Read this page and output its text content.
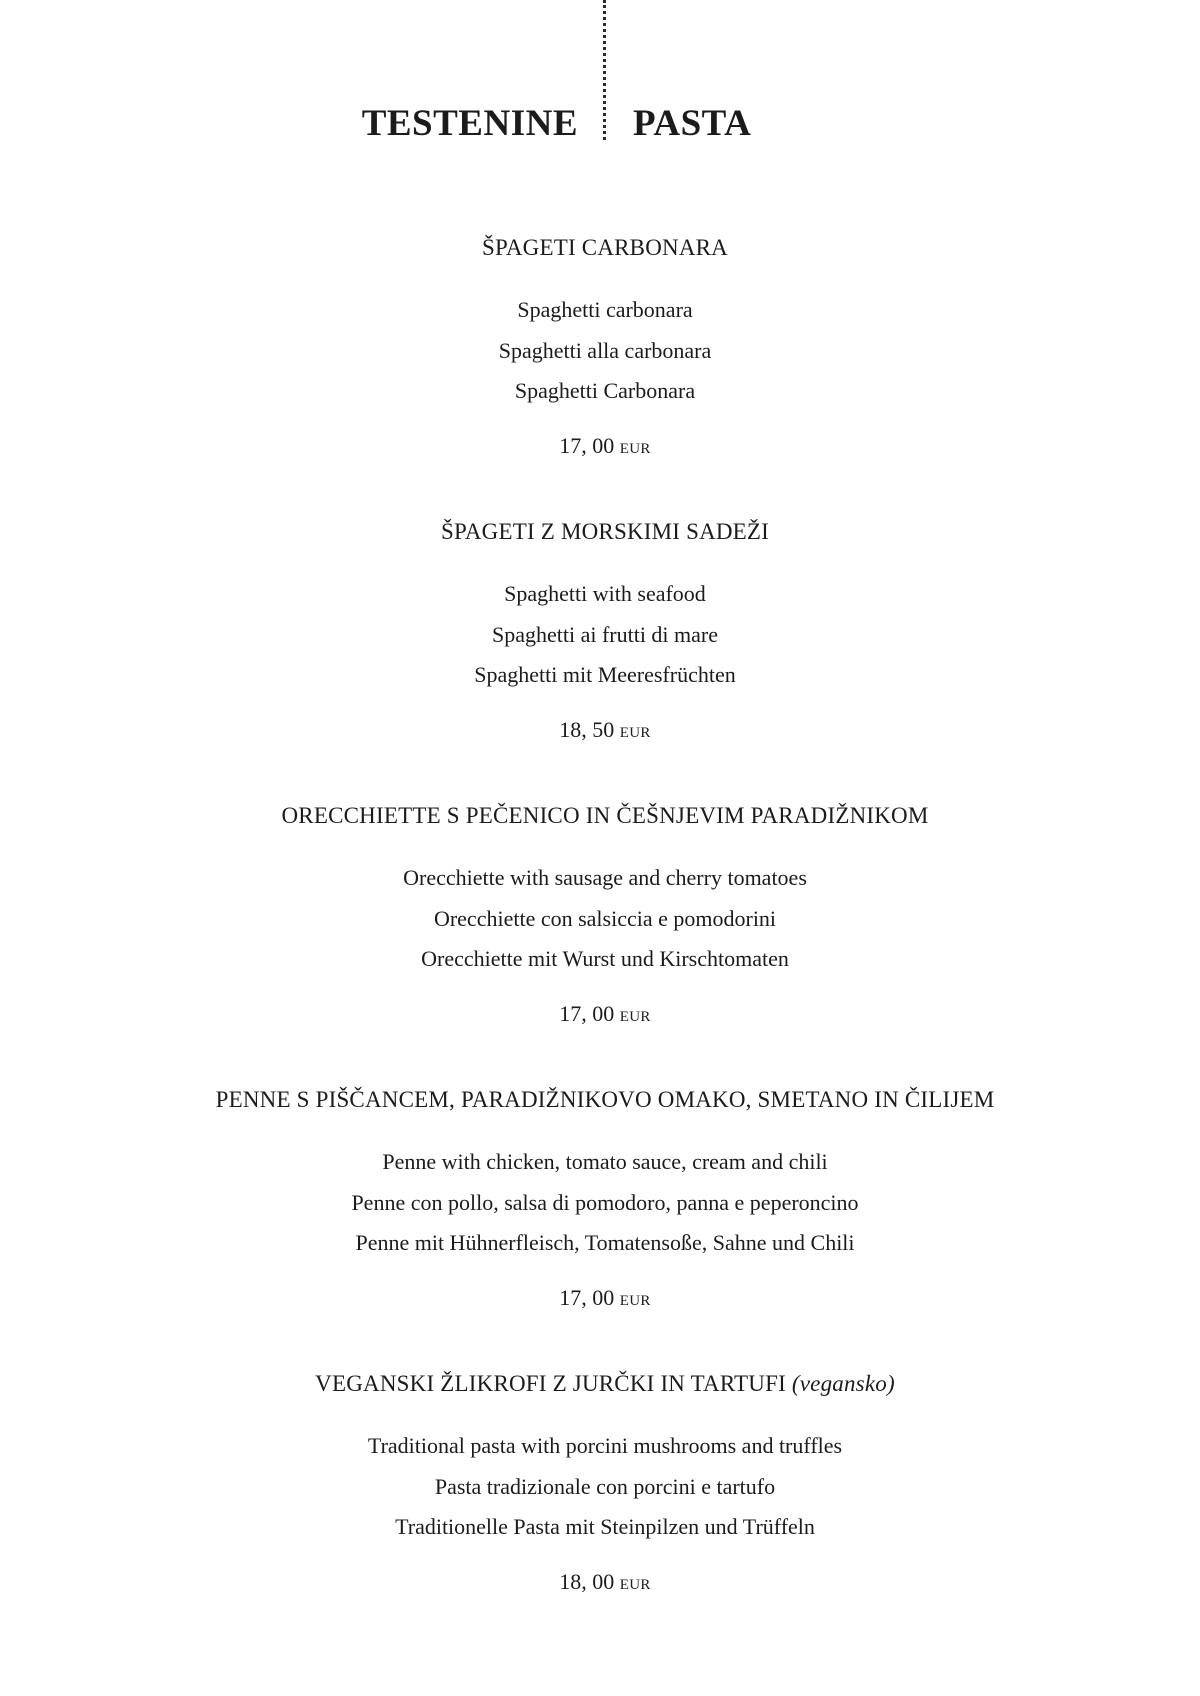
TESTENINE PASTA
ŠPAGETI CARBONARA
Spaghetti carbonara
Spaghetti alla carbonara
Spaghetti Carbonara
17, 00 EUR
ŠPAGETI Z MORSKIMI SADEŽI
Spaghetti with seafood
Spaghetti ai frutti di mare
Spaghetti mit Meeresfrüchten
18, 50 EUR
ORECCHIETTE S PEČENICO IN ČEŠNJEVIM PARADIŽNIKOM
Orecchiette with sausage and cherry tomatoes
Orecchiette con salsiccia e pomodorini
Orecchiette mit Wurst und Kirschtomaten
17, 00 EUR
PENNE S PIŠČANCEM, PARADIŽNIKOVO OMAKO, SMETANO IN ČILIJEM
Penne with chicken, tomato sauce, cream and chili
Penne con pollo, salsa di pomodoro, panna e peperoncino
Penne mit Hühnerfleisch, Tomatensoße, Sahne und Chili
17, 00 EUR
VEGANSKI ŽLIKROFI Z JURČKI IN TARTUFI (vegansko)
Traditional pasta with porcini mushrooms and truffles
Pasta tradizionale con porcini e tartufo
Traditionelle Pasta mit Steinpilzen und Trüffeln
18, 00 EUR
